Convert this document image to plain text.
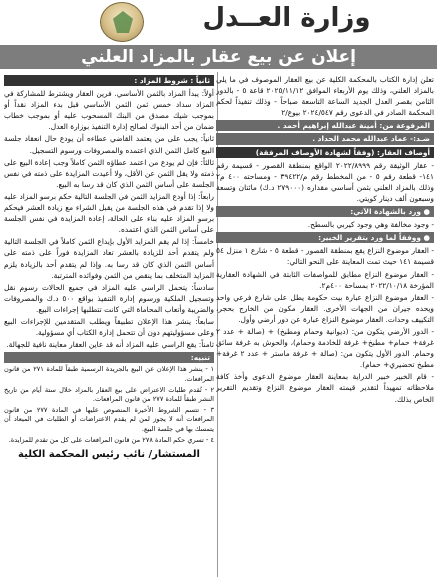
وزارة العــدل
إعلان عن بيع عقار بالمزاد العلني
تعلن إدارة الكتاب بالمحكمة الكلية عن بيع العقار الموصوف في ما يلي بالمزاد العلني، وذلك يوم الأربعاء الموافق ٢٠٢٥/١١/١٢ قاعة ٥ - بالدور الثامن بقصر العدل الجديد الساعة التاسعة صباحاً - وذلك تنفيذاً لحكم المحكمة الصادر في الدعوى رقم ٢٠٢٤/٥٤٧ بيوع/٢
المرفوعة من: أمينة عبدالله إبراهيم أحمد .
ضـد:- عماد عبدالله محمد الحداد .
أوصاف العقار: (وفقاً لشهادة الأوصاف المرفقة)
- عقار الوثيقة رقم ٢٠٢٢/٨٩٩٩ الواقع بمنطقة القصور - قسيمة رقم ١٤١- قطعة رقم ٥ - من المخطط رقم م/٣٩٤٢٢ - ومساحته ٤٠٠ م٢ وذلك بالمزاد العلني بثمن أساسي مقداره (٢٧٩٠٠٠ د.ك) مائتان وتسعة وسبعون ألف دينار كويتي.
● ورد بالشهادة الآتي:
- وجود مخالفة وهي وجود كيربي بالسطح.
● ووفقاً لما ورد بتقرير الخبير:
- العقار موضوع النزاع يقع بمنطقة القصور - قطعة ٥ - شارع ١ منزل ٥٤ قسيمة ١٤١ حيث تمت المعاينة على النحو التالي:
- العقار موضوع النزاع مطابق للمواصفات الثابتة في الشهادة العقارية المؤرخة ٢٠٢٢/١٠/١٨ بمساحة ٤٠٠م٢.
- العقار موضوع النزاع عبارة بيت حكومة يطل على شارع فرعي واحد ويحده جيران من الجهات الأخرى. العقار مكون من الخارج بحجر، التكييف وحدات. العقار موضوع النزاع عبارة عن دور أرضي وأول.
- الدور الأرضي يتكون من: (ديوانية وحمام ومطبخ) + (صالة + عدد ٢ غرفة+ حمام+ مطبخ+ غرفة للخادمة وحمام)، والحوش به غرفة سائق وحمام. الدور الأول يتكون من: (صالة + غرفة ماستر + عدد ٢ غرفة+ مطبخ تحضيري+ حمام).
- قام الخبير خبير الدراية بمعاينة العقار موضوع الدعوى وأخذ كافة ملاحظاته تمهيداً لتقدير قيمته العقار موضوع النزاع وتقديم التقرير الخاص بذلك.
ثانياً : شروط المزاد :
أولاً: يبدأ المزاد بالثمن الأساسي. فرين العقار ويشترط للمشاركة في المزاد سداد خمس ثمن الثمن الأساسي قبل بدء المزاد نقداً أو بموجب شيك مصدق من البنك المسحوب عليه أو بموجب خطاب ضمان من أحد البنوك لصالح إدارة التنفيذ بوزارة العدل.
ثانياً: يجب على من يعتمد القاضي عطاءه أن يودع حال انعقاد جلسة البيع كامل الثمن الذي اعتمده والمصروفات ورسوم التسجيل.
ثالثاً: فإن لم يودع من اعتمد عطاؤه الثمن كاملاً وجب إعادة البيع على ذمته ولا يقل الثمن عن الأقل، ولا أعيدت المزايدة على ذمته في نفس الجلسة على أساس الثمن الذي كان قد رسا به البيع.
رابعاً: إذا أودع المزايد الثمن في الجلسة التالية حكم برسو المزاد عليه ولا إذا تقدم في هذه الجلسة من يقبل الشراء مع زيادة العشر فيحكم برسو المزاد عليه بناء على الحالة، إعادة المزايدة في نفس الجلسة على أساس الثمن الذي اعتمده.
خامساً: إذا لم يقم المزايد الأول بإيداع الثمن كاملاً في الجلسة التالية ولم يتقدم أحد للزيادة بالعشر تعاد المزايدة فوراً على ذمته على أساس الثمن الذي كان قد رسا به. وإذا لم يتقدم أحد بالزيادة يلزم المزايد المتخلف بما ينقص من الثمن وفوائده المترتبة.
سادساً: يتحمل الراسي عليه المزاد في جميع الحالات رسوم نقل وتسجيل الملكية ورسوم إدارة التنفيذ بواقع ٥٠٠ د.ك والمصروفات والضريبة وأتعاب المحاماة التي كانت تتطلبها إجراءات البيع.
سابعاً: ينشر هذا الإعلان تطبيقاً ويطلب المتقدمين للإجراءات البيع وعلى مسؤوليتهم دون أن تتحمل إدارة الكتاب أي مسؤولية.
ثامناً: يقع الراسي عليه المزاد أنه قد عاين العقار معاينة نافية للجهالة.
تنبيه:
١ - ينشر هذا الإعلان عن البيع بالجريدة الرسمية طبقاً للمادة ٢٧١ من قانون المرافعات.
٢ - تُقدم طلبات الاعتراض على بيع العقار بالمزاد خلال ستة أيام من تاريخ النشر طبقاً للمادة ٢٧٧ من قانون المرافعات.
٣ - تتسم الشروط الأخيرة المنصوص عليها في المادة ٢٧٧ من قانون المرافعات أنه لا يجوز لمن لم يقدم الاعتراضات أو الطلبات في الميعاد أن يتمسك بها في جلسة البيع.
٤ - تسري حكم المادة ٢٧٨ من قانون المرافعات على كل من تقدم للمزايدة.
المستشار/ نائب رئيس المحكمة الكلية
